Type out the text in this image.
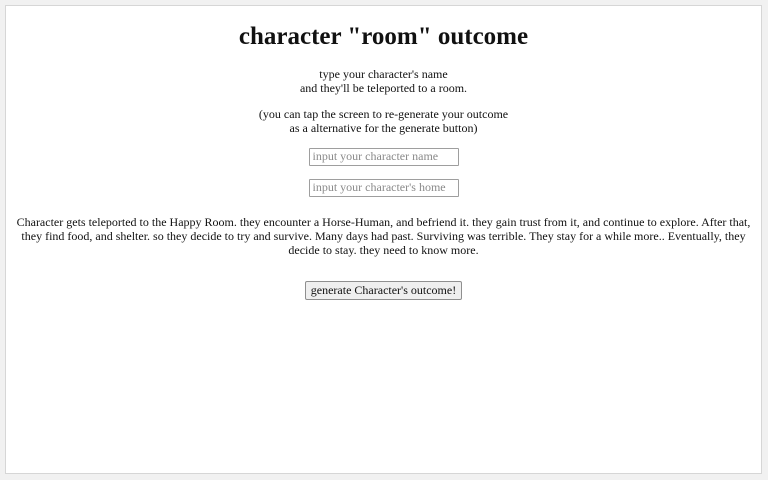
character "room" outcome
type your character's name
and they'll be teleported to a room.
(you can tap the screen to re-generate your outcome
as a alternative for the generate button)
input your character name
input your character's home
Character gets teleported to the Happy Room. they encounter a Horse-Human, and befriend it. they gain trust from it, and continue to explore. After that, they find food, and shelter. so they decide to try and survive. Many days had past. Surviving was terrible. They stay for a while more.. Eventually, they decide to stay. they need to know more.
generate Character's outcome!
